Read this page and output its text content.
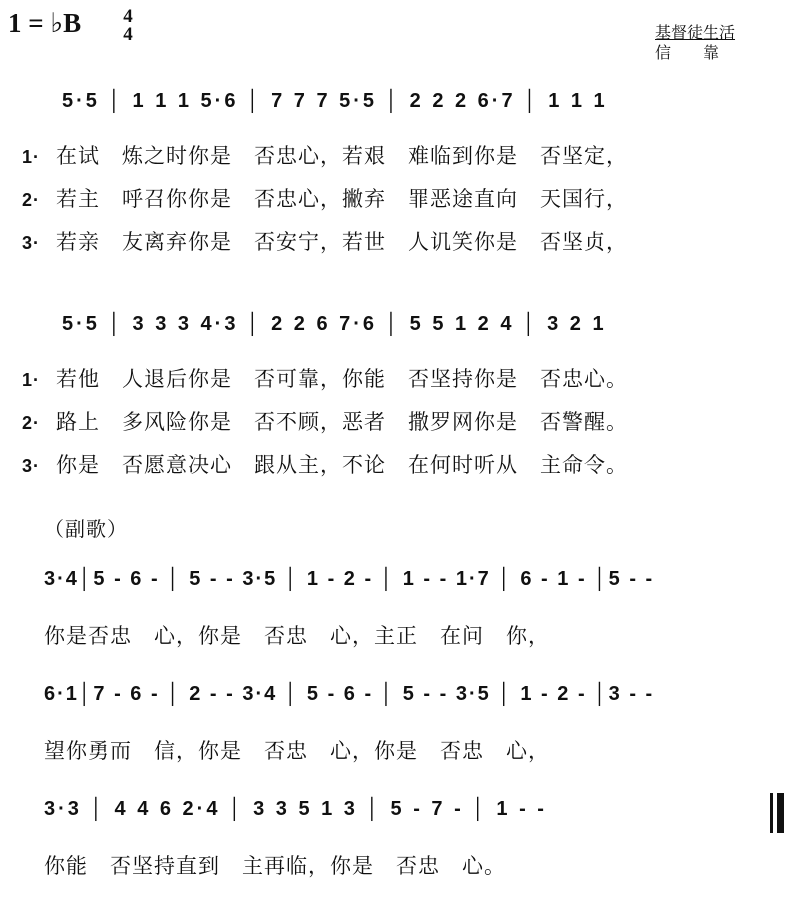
1 = ♭B 4
4	基督徒生活
信　　靠
5·5 │ 1 1 1 5·6 │ 7 7 7 5·5 │ 2 2 2 6·7 │ 1 1 1
1· 在试　炼之时你是　否忠心，若艰　难临到你是　否坚定，
2· 若主　呼召你你是　否忠心，撇弃　罪恶途直向　天国行，
3· 若亲　友离弃你是　否安宁，若世　人讥笑你是　否坚贞，
5·5 │ 3 3 3 4·3 │ 2 2 6 7·6 │ 5 5 1 2 4 │ 3 2 1
1· 若他　人退后你是　否可靠，你能　否坚持你是　否忠心。
2· 路上　多风险你是　否不顾，恶者　撒罗网你是　否警醒。
3· 你是　否愿意决心　跟从主，不论　在何时听从　主命令。
（副歌）
3·4│5 - 6 - │ 5 - - 3·5 │ 1 - 2 - │ 1 - - 1·7 │ 6 - 1 - │5 - -
你是否忠　心，你是　否忠　心，主正　在问　你，
6·1│7 - 6 - │ 2 - - 3·4 │ 5 - 6 - │ 5 - - 3·5 │ 1 - 2 - │3 - -
望你勇而　信，你是　否忠　心，你是　否忠　心，
3·3 │ 4 4 6 2·4 │ 3 3 5 1 3 │ 5 - 7 - │ 1 - -
你能　否坚持直到　主再临，你是　否忠　心。
